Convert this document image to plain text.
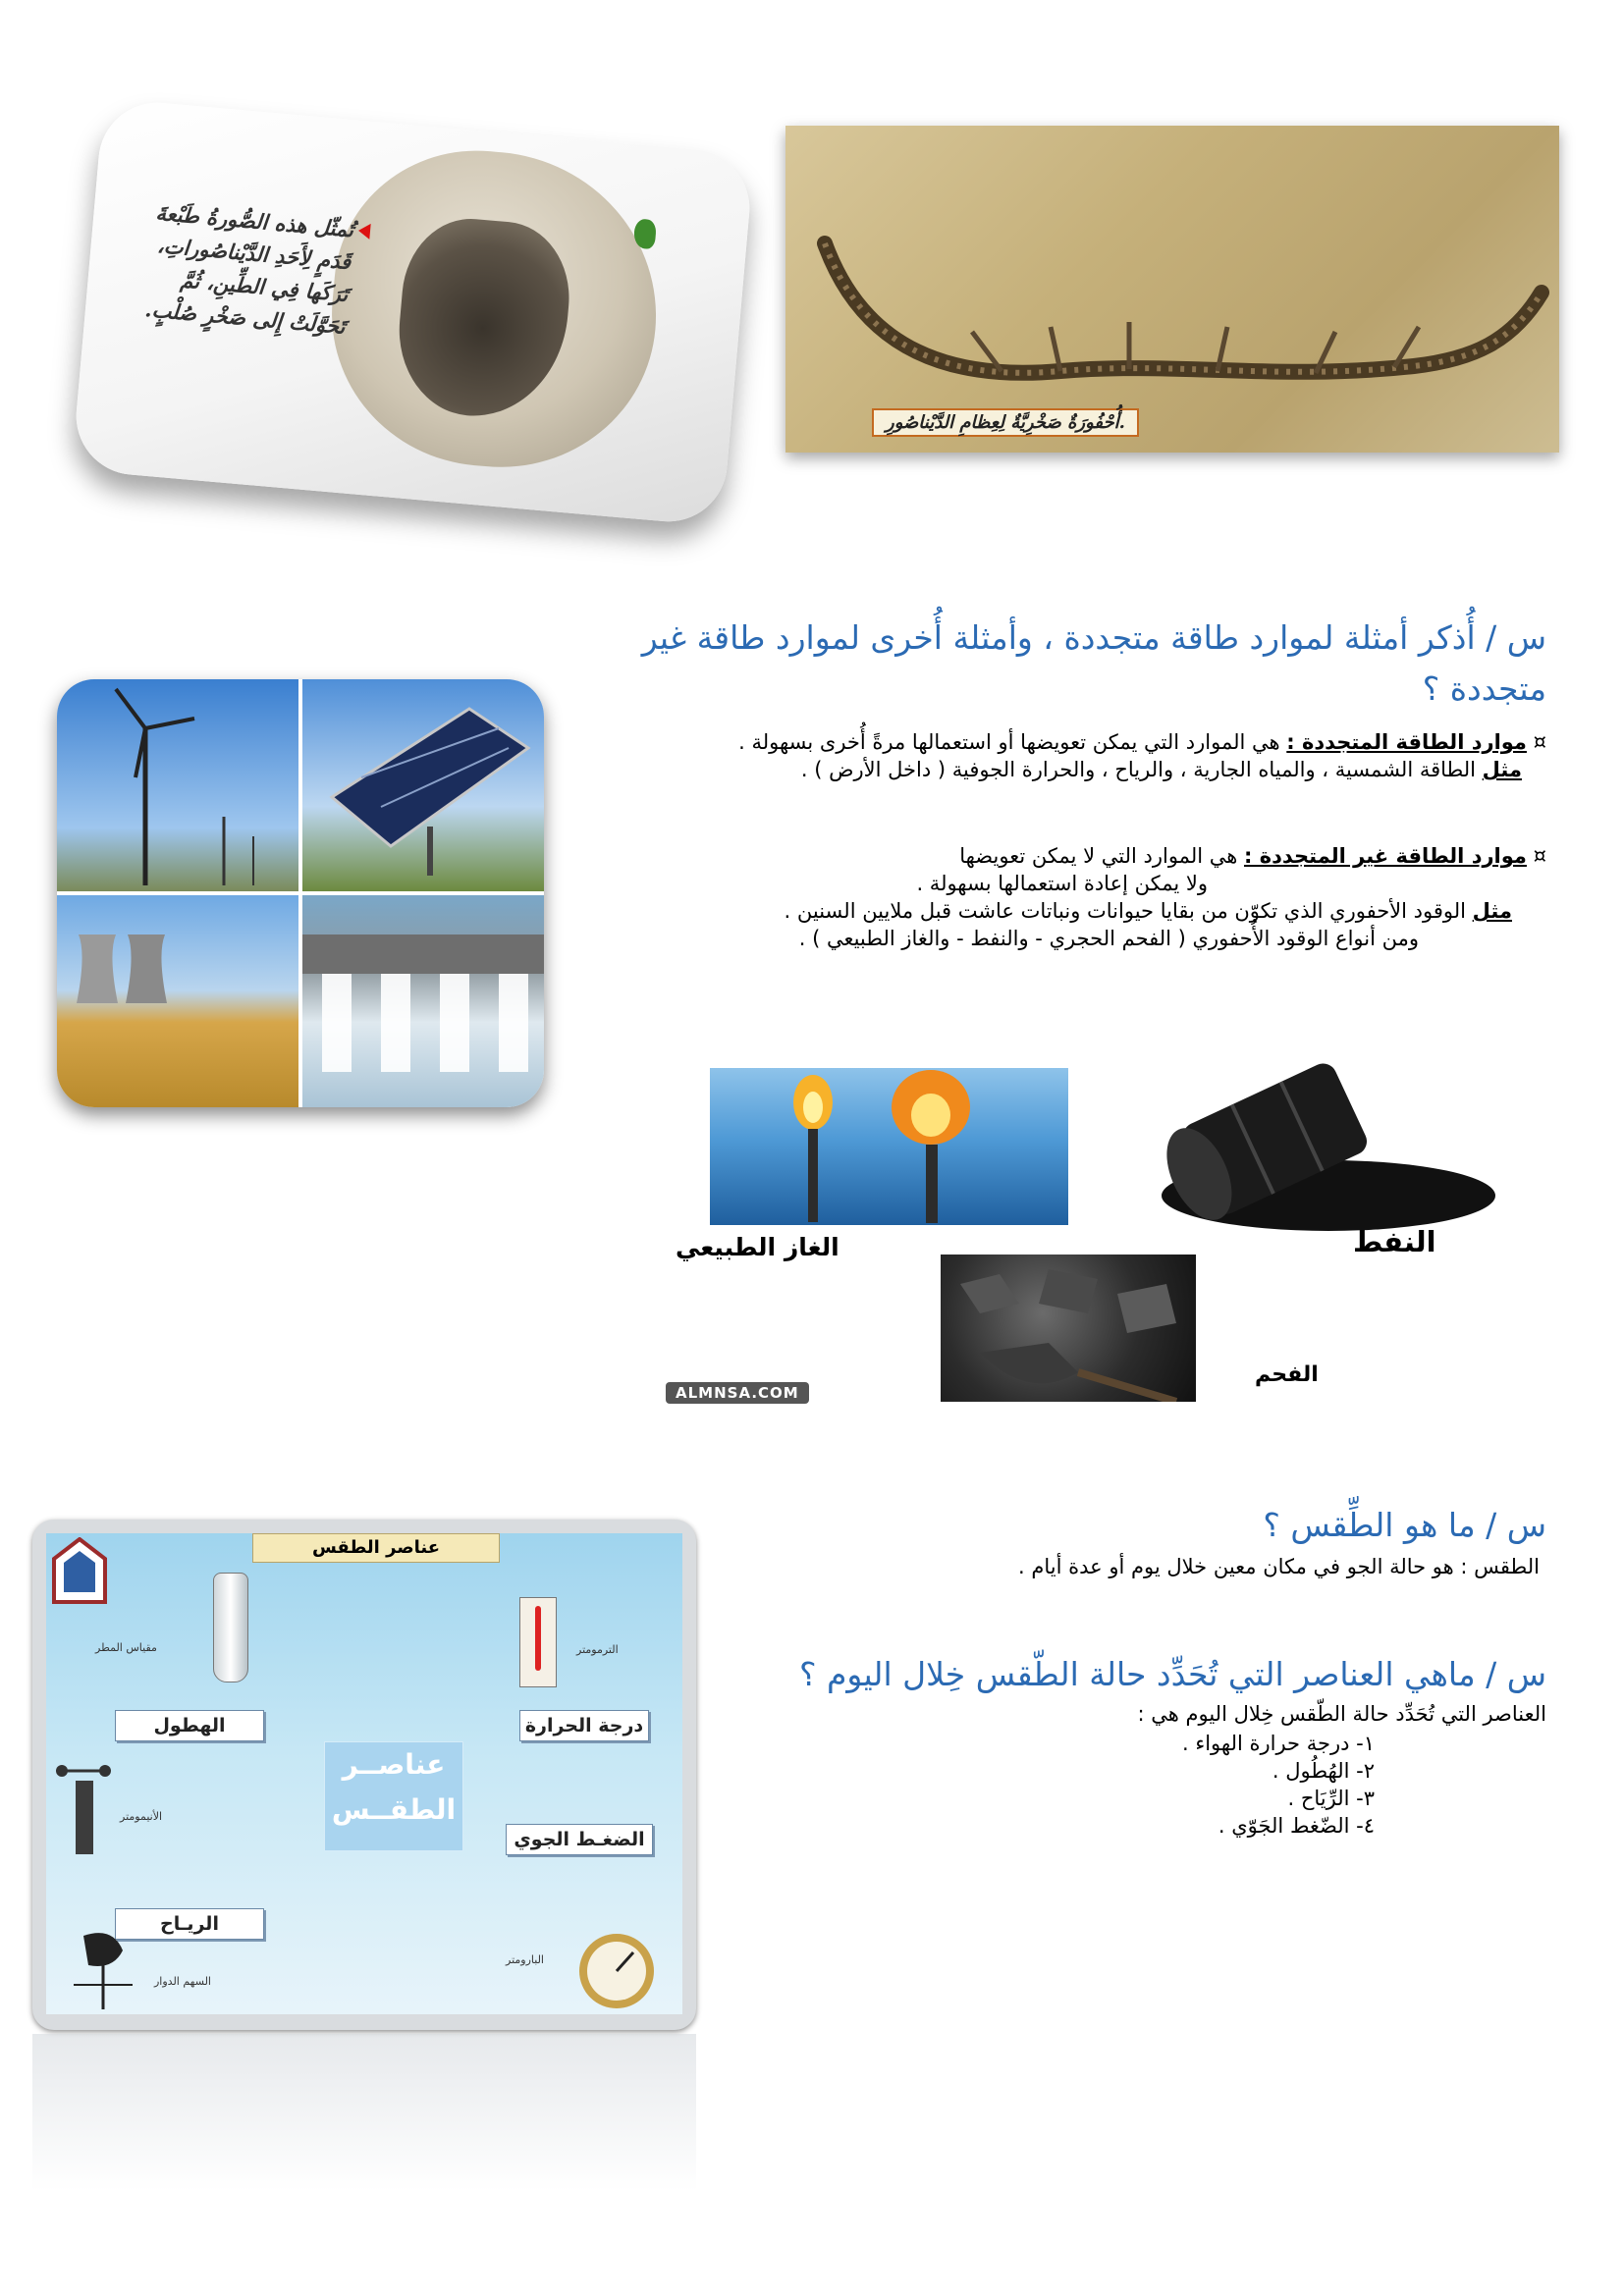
تُمثّل هذه الصُّورةُ طَبْعةَ قَدَمٍ لِأَحَدِ الدَّيْناصُوراتِ، تَرَكَها فِي الطِّينِ، ثُمَّ تَحَوَّلَتْ إِلى صَخْرٍ صُلْبٍ.
أُحْفُورَةٌ صَخْرِيَّةٌ لِعِظامِ الدَّيْناصُورِ.
س / أُذكر أمثلة لموارد طاقة متجددة ، وأمثلة أُخرى لموارد طاقة غير متجددة ؟
¤ موارد الطاقة المتجددة : هي الموارد التي يمكن تعويضها أو استعمالها مرةً أُخرى بسهولة .
مثل الطاقة الشمسية ، والمياه الجارية ، والرياح ، والحرارة الجوفية ( داخل الأرض ) .
¤ موارد الطاقة غير المتجددة : هي الموارد التي لا يمكن تعويضها
ولا يمكن إعادة استعمالها بسهولة .
مثل الوقود الأحفوري الذي تكوّن من بقايا حيوانات ونباتات عاشت قبل ملايين السنين .
ومن أنواع الوقود الأُحفوري ( الفحم الحجري - والنفط - والغاز الطبيعي ) .
الغاز الطبيعي	النفط
الفحم
ALMNSA.COM
س / ما هو الطِّقس ؟
الطقس : هو حالة الجو في مكان معين خلال يوم أو عدة أيام .
س / ماهي العناصر التي تُحَدِّد حالة الطّقس خِلال اليوم ؟
العناصر التي تُحَدِّد حالة الطّقس خِلال اليوم هي :
١- درجة حرارة الهواء .
٢- الهُطُول .
٣- الرِّيَاح .
٤- الضّغط الجَوّي .
عناصر الطقس
مقياس المطر	الترمومتر
الهطول	درجة الحرارة
عناصــر الطقــس
الأنيمومتر
الضغـط الجوي
الريـاح
السهم الدوار
البارومتر
